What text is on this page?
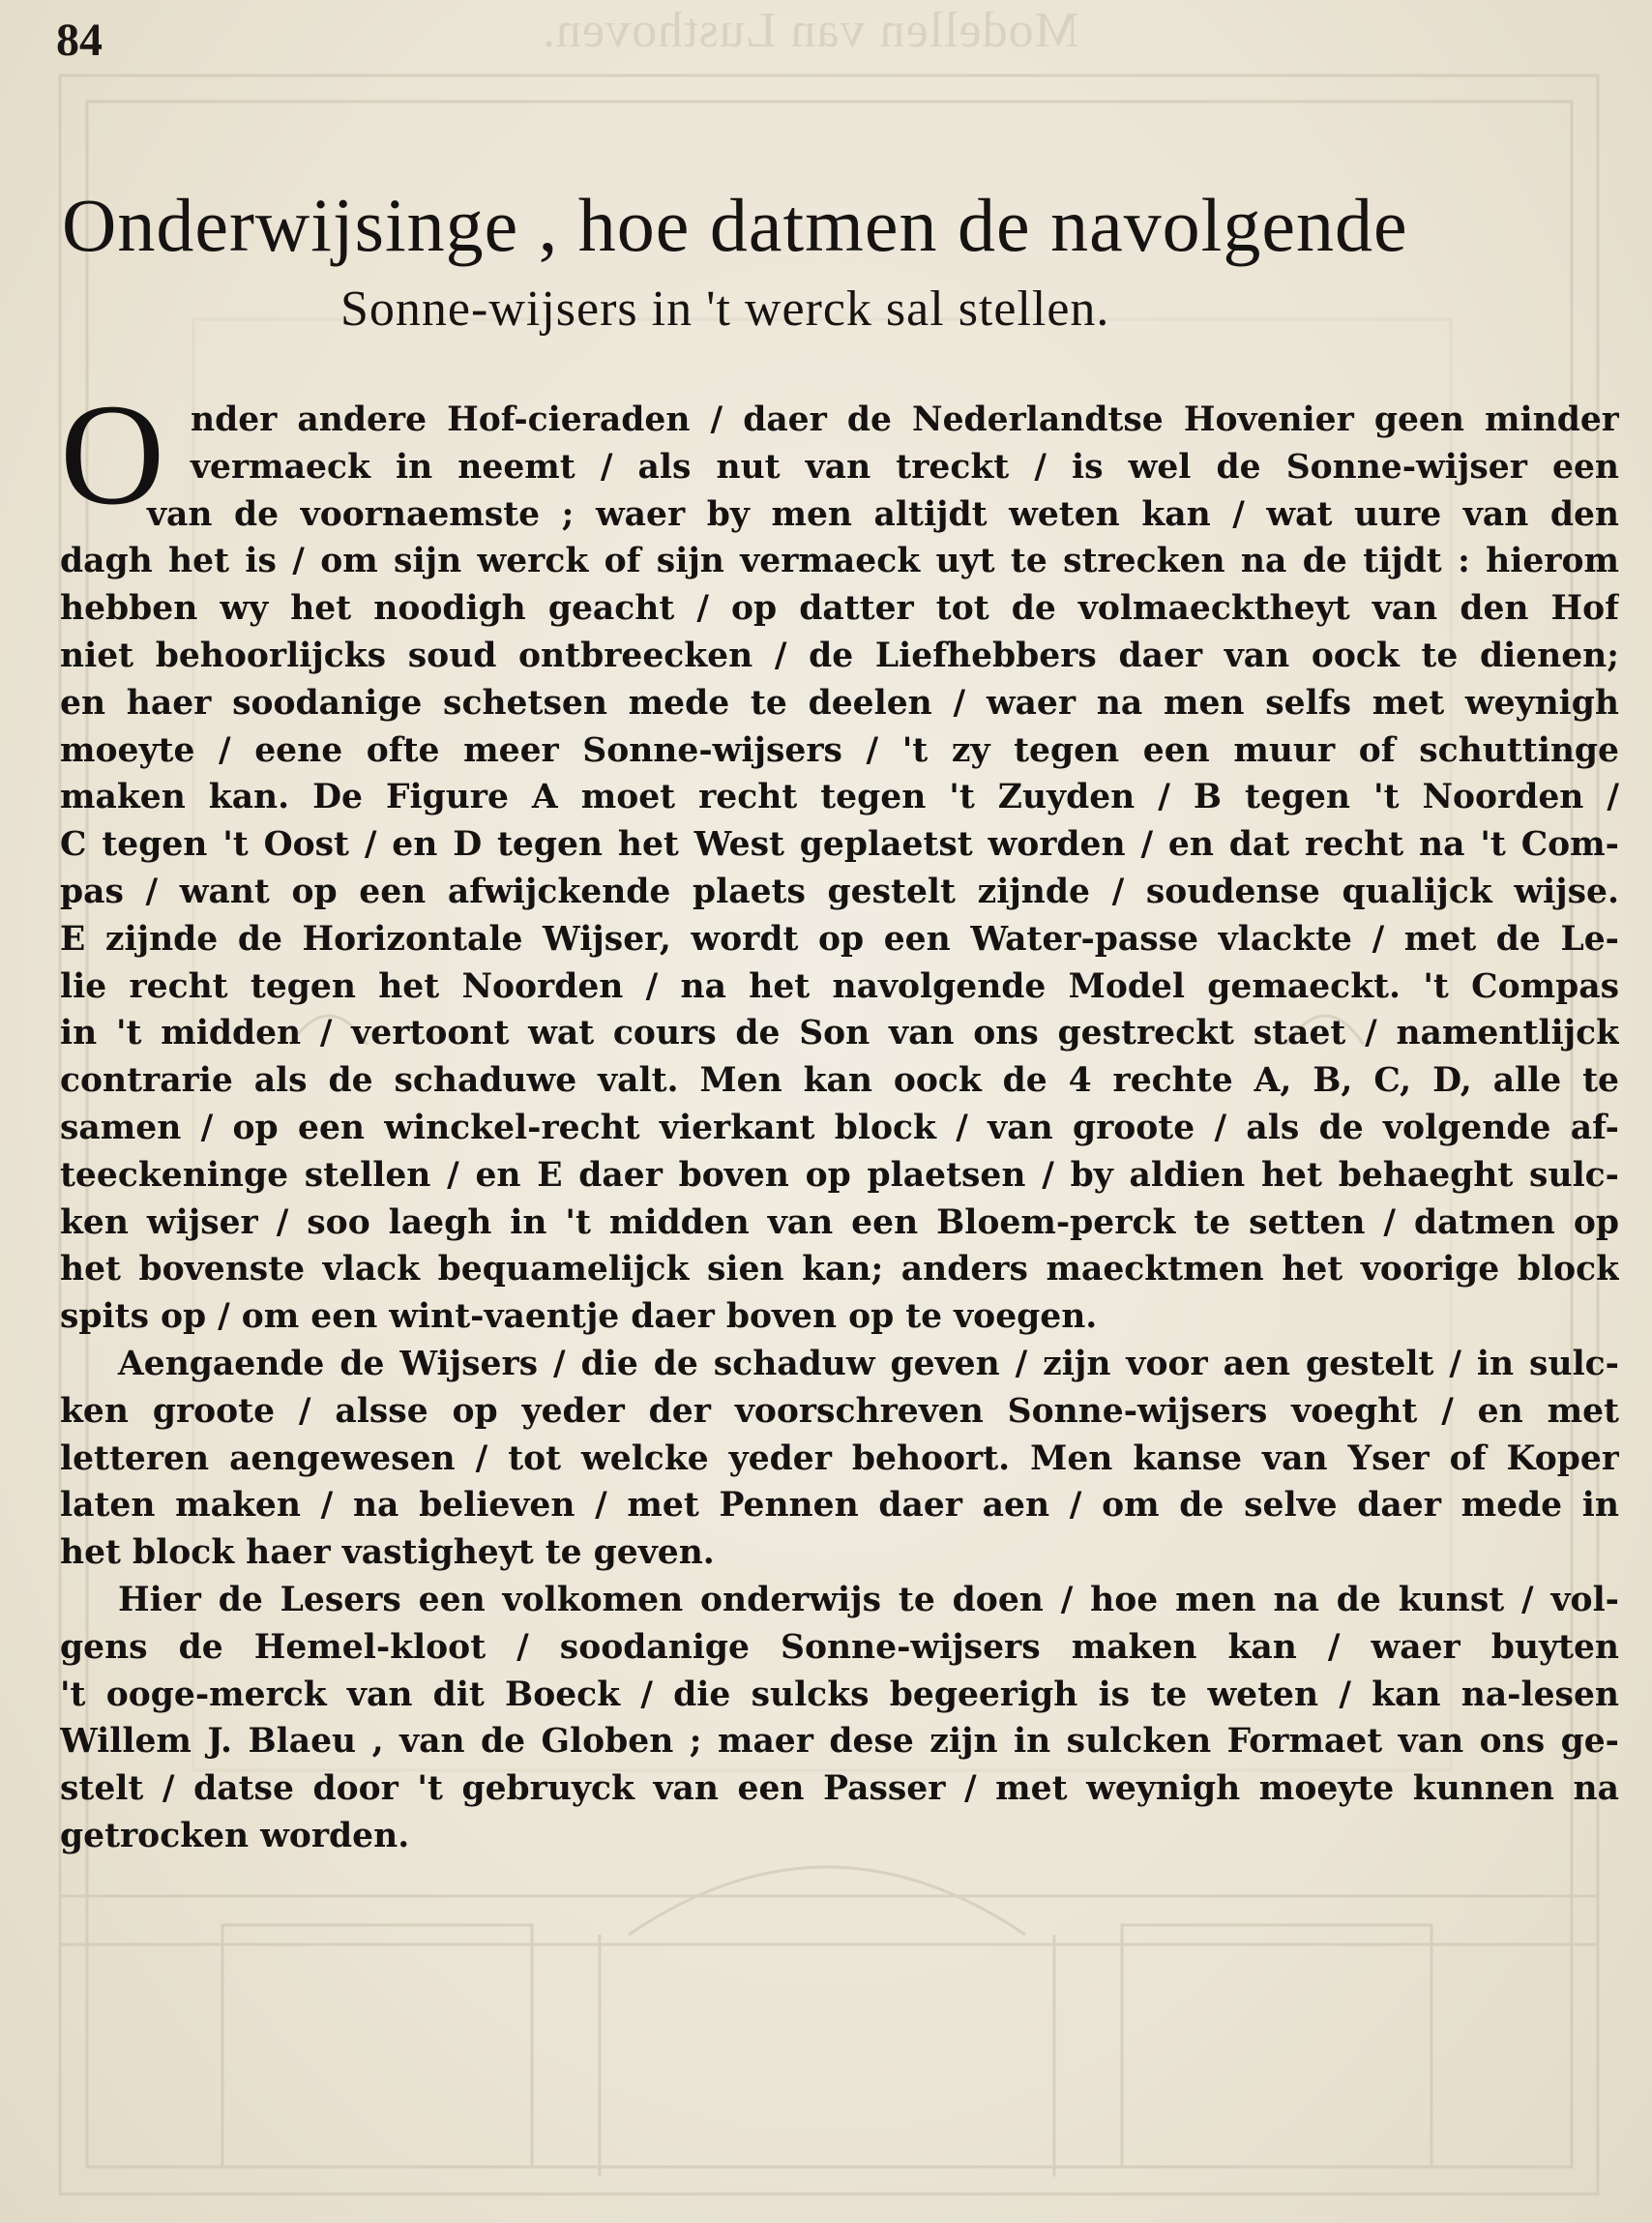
Modellen van Lusthoven.
84
Onderwijsinge , hoe datmen de navolgende
Sonne-wijsers in 't werck sal stellen.
O nder andere Hof-cieraden / daer de Nederlandtse Hovenier geen minder
vermaeck in neemt / als nut van treckt / is wel de Sonne-wijser een
van de voornaemste ; waer by men altijdt weten kan / wat uure van den
dagh het is / om sijn werck of sijn vermaeck uyt te strecken na de tijdt : hierom
hebben wy het noodigh geacht / op datter tot de volmaecktheyt van den Hof
niet behoorlijcks soud ontbreecken / de Liefhebbers daer van oock te dienen;
en haer soodanige schetsen mede te deelen / waer na men selfs met weynigh
moeyte / eene ofte meer Sonne-wijsers / 't zy tegen een muur of schuttinge
maken kan. De Figure A moet recht tegen 't Zuyden / B tegen 't Noorden /
C tegen 't Oost / en D tegen het West geplaetst worden / en dat recht na 't Com-
pas / want op een afwijckende plaets gestelt zijnde / soudense qualijck wijse.
E zijnde de Horizontale Wijser, wordt op een Water-passe vlackte / met de Le-
lie recht tegen het Noorden / na het navolgende Model gemaeckt. 't Compas
in 't midden / vertoont wat cours de Son van ons gestreckt staet / namentlijck
contrarie als de schaduwe valt. Men kan oock de 4 rechte A, B, C, D, alle te
samen / op een winckel-recht vierkant block / van groote / als de volgende af-
teeckeninge stellen / en E daer boven op plaetsen / by aldien het behaeght sulc-
ken wijser / soo laegh in 't midden van een Bloem-perck te setten / datmen op
het bovenste vlack bequamelijck sien kan; anders maecktmen het voorige block
spits op / om een wint-vaentje daer boven op te voegen.
Aengaende de Wijsers / die de schaduw geven / zijn voor aen gestelt / in sulc-
ken groote / alsse op yeder der voorschreven Sonne-wijsers voeght / en met
letteren aengewesen / tot welcke yeder behoort. Men kanse van Yser of Koper
laten maken / na believen / met Pennen daer aen / om de selve daer mede in
het block haer vastigheyt te geven.
Hier de Lesers een volkomen onderwijs te doen / hoe men na de kunst / vol-
gens de Hemel-kloot / soodanige Sonne-wijsers maken kan / waer buyten
't ooge-merck van dit Boeck / die sulcks begeerigh is te weten / kan na-lesen
Willem J. Blaeu , van de Globen ; maer dese zijn in sulcken Formaet van ons ge-
stelt / datse door 't gebruyck van een Passer / met weynigh moeyte kunnen na
getrocken worden.
